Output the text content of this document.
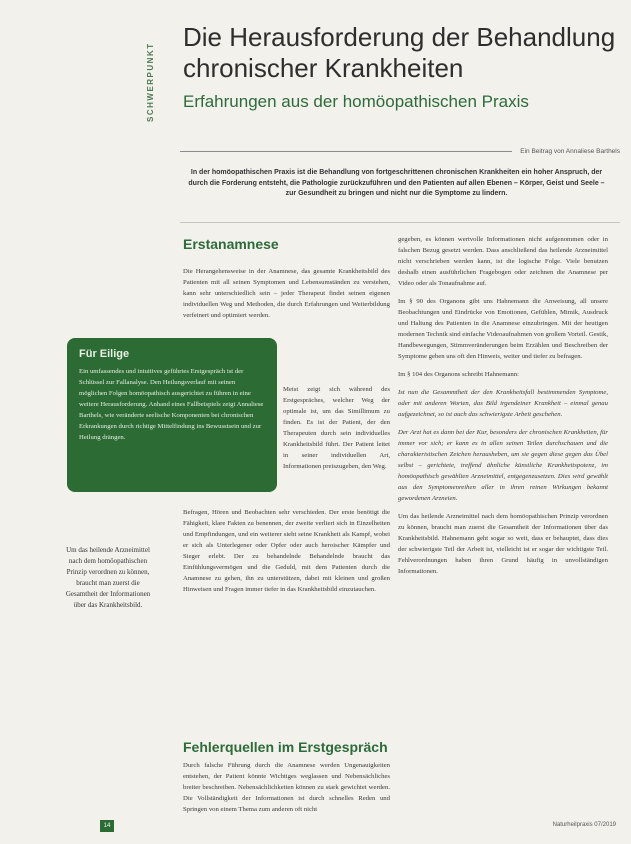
SCHWERPUNKT
Die Herausforderung der Behandlung chronischer Krankheiten
Erfahrungen aus der homöopathischen Praxis
Ein Beitrag von Annaliese Barthels

In der homöopathischen Praxis ist die Behandlung von fortgeschrittenen chronischen Krankheiten ein hoher Anspruch, der durch die Forderung entsteht, die Pathologie zurückzuführen und den Patienten auf allen Ebenen – Körper, Geist und Seele – zur Gesundheit zu bringen und nicht nur die Symptome zu lindern.

Erstanamnese

Die Herangehensweise in der Anamnese, das gesamte Krankheitsbild des Patienten mit all seinen Symptomen und Lebensumständen zu verstehen, kann sehr unterschiedlich sein – jeder Therapeut findet seinen eigenen individuellen Weg und Methoden, die durch Erfahrungen und Weiterbildung verfeinert und optimiert werden.

Meist zeigt sich während des Erstgespräches, welcher Weg der optimale ist, um das Simillimum zu finden. Es ist der Patient, der den Therapeuten durch sein individuelles Krankheitsbild führt. Der Patient leitet in seiner individuellen Art, Informationen preiszugeben, den Weg.

Befragen, Hören und Beobachten sehr verschieden. Der erste benötigt die Fähigkeit, klare Fakten zu benennen, der zweite verliert sich in Einzelheiten und Empfindungen, und ein weiterer sieht seine Krankheit als Kampf, wobei er sich als Unterlegener oder Opfer oder auch heroischer Kämpfer und Sieger erlebt. Der zu behandelnde Behandelnde braucht das Einfühlungsvermögen und die Geduld, mit dem Patienten durch die Anamnese zu gehen, ihn zu unterstützen, dabei mit kleinen und großen Hinweisen und Fragen immer tiefer in das Krankheitsbild einzutauchen.

Fehlerquellen im Erstgespräch

Durch falsche Führung durch die Anamnese werden Ungenauigkeiten entstehen, der Patient könnte Wichtiges weglassen und Nebensächliches breiter beschreiben. Nebensächlichkeiten können zu stark gewichtet werden. Die Vollständigkeit der Informationen ist durch schnelles Reden und Springen von einem Thema zum anderen oft nicht

gegeben, es können wertvolle Informationen nicht aufgenommen oder in falschen Bezug gesetzt werden. Dass anschließend das heilende Arzneimittel nicht verschrieben werden kann, ist die logische Folge. Viele benutzen deshalb einen ausführlichen Fragebogen oder zeichnen die Anamnese per Video oder als Tonaufnahme auf.

Im § 90 des Organons gibt uns Hahnemann die Anweisung, all unsere Beobachtungen und Eindrücke von Emotionen, Gefühlen, Mimik, Ausdruck und Haltung des Patienten in die Anamnese einzubringen. Mit der heutigen modernen Technik sind einfache Videoaufnahmen von großem Vorteil. Gestik, Handbewegungen, Stimmveränderungen beim Erzählen und Beschreiben der Symptome geben uns oft den Hinweis, weiter und tiefer zu befragen.

Im § 104 des Organons schreibt Hahnemann:

Ist nun die Gesammtheit der den Krankheitsfall bestimmenden Symptome, oder mit anderen Worten, das Bild irgendeiner Krankheit – einmal genau aufgezeichnet, so ist auch das schwierigste Arbeit geschehen.

Der Arzt hat es dann bei der Kur, besonders der chronischen Krankheiten, für immer vor sich; er kann es in allen seinen Teilen durchschauen und die charakteristischen Zeichen herausheben, um sie gegen diese gegen das Übel selbst – gerichtete, treffend ähnliche künstliche Krankheitspotenz, im homöopathisch gewählten Arzneimittel, entgegenzusetzen. Dies wird gewählt aus den Symptomenreihen aller in ihren reinen Wirkungen bekannt gewordenen Arzneien.

Um das heilende Arzneimittel nach dem homöopathischen Prinzip verordnen zu können, braucht man zuerst die Gesamtheit der Informationen über das Krankheitsbild. Hahnemann geht sogar so weit, dass er behauptet, dass dies der schwierigste Teil der Arbeit ist, vielleicht ist er sogar der wichtigste Teil. Fehlverordnungen haben ihren Grund häufig in unvollständigen Informationen.

Für Eilige

Ein umfassendes und intuitives geführtes Erstgespräch ist der Schlüssel zur Fallanalyse. Den Heilungsverlauf mit seinen möglichen Folgen homöopathisch ausgerichtet zu führen in eine weitere Herausforderung. Anhand eines Fallbeispiels zeigt Annaliese Barthels, wie veränderte seelische Komponenten bei chronischen Erkrankungen durch richtige Mittelfindung ins Bewusstsein und zur Heilung drängen.

Um das heilende Arzneimittel nach dem homöopathischen Prinzip verordnen zu können, braucht man zuerst die Gesamtheit der Informationen über das Krankheitsbild.

14	Naturheilpraxis 07/2019
